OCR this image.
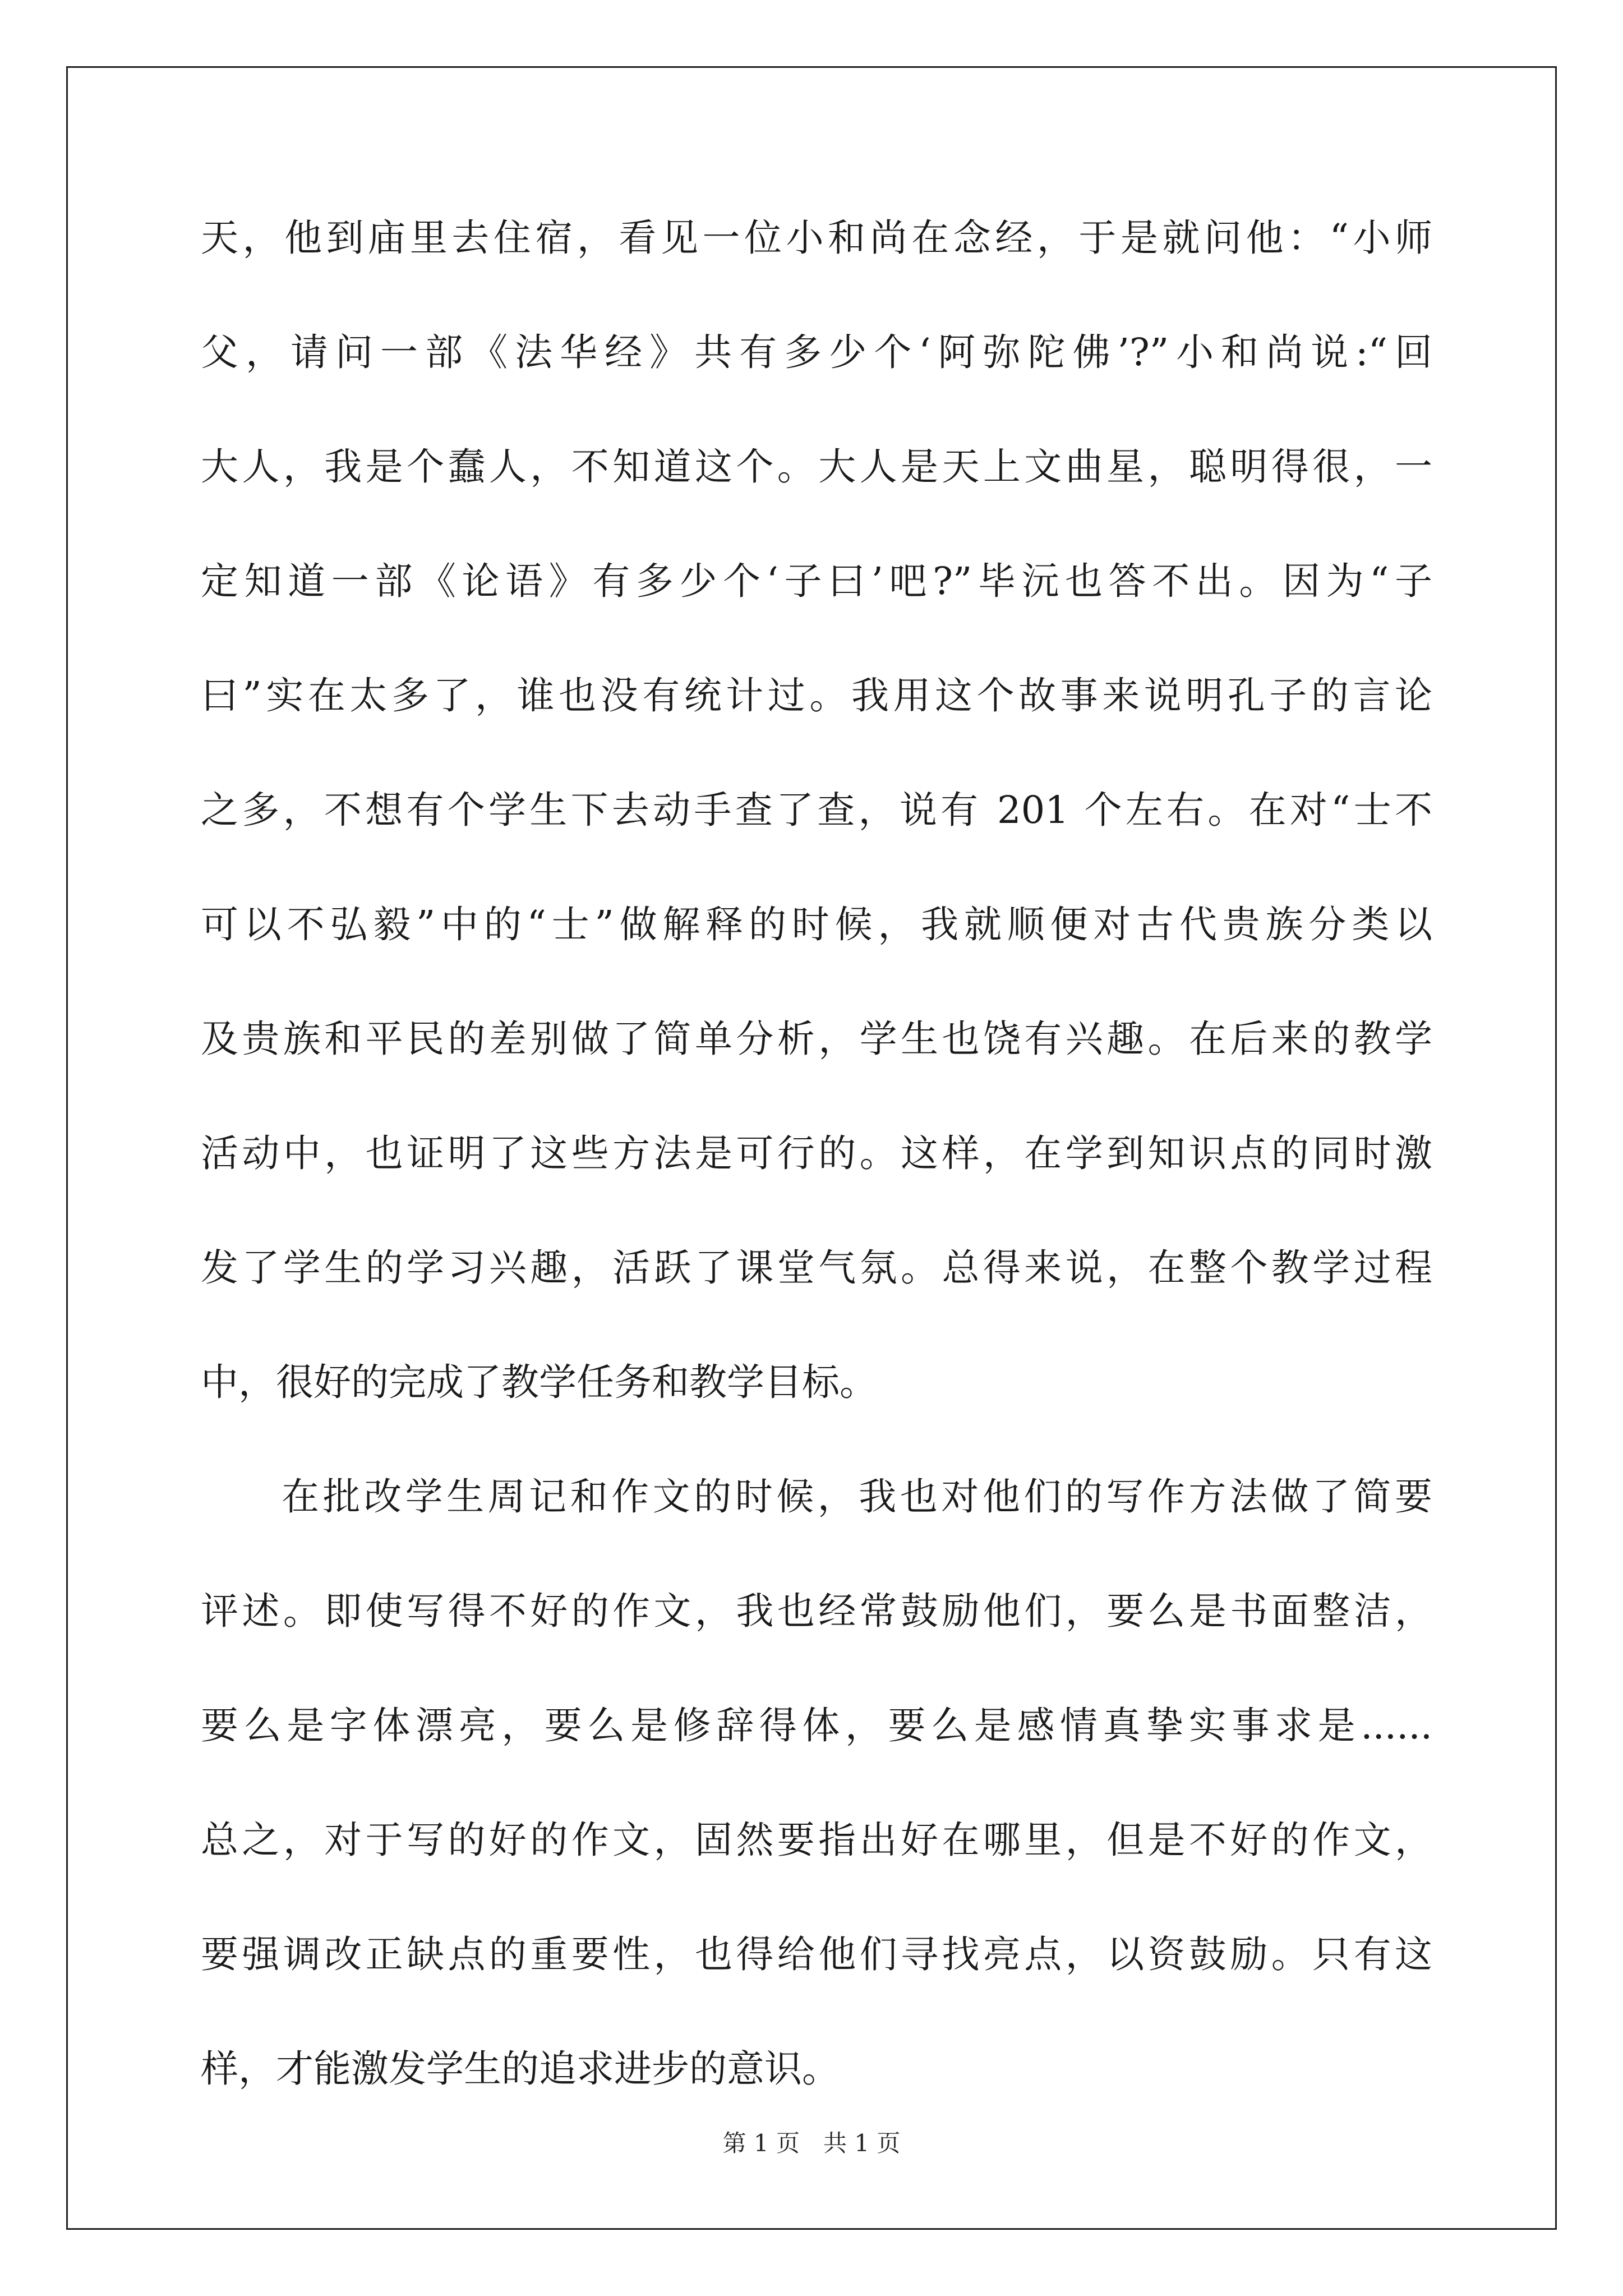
天，他到庙里去住宿，看见一位小和尚在念经，于是就问他：“小师
父，请问一部《法华经》共有多少个‘阿弥陀佛’?”小和尚说:“回
大人，我是个蠢人，不知道这个。大人是天上文曲星，聪明得很，一
定知道一部《论语》有多少个‘子曰’吧?”毕沅也答不出。因为“子
曰”实在太多了，谁也没有统计过。我用这个故事来说明孔子的言论
之多，不想有个学生下去动手查了查，说有 201 个左右。在对“士不
可以不弘毅”中的“士”做解释的时候，我就顺便对古代贵族分类以
及贵族和平民的差别做了简单分析，学生也饶有兴趣。在后来的教学
活动中，也证明了这些方法是可行的。这样，在学到知识点的同时激
发了学生的学习兴趣，活跃了课堂气氛。总得来说，在整个教学过程
中，很好的完成了教学任务和教学目标。
在批改学生周记和作文的时候，我也对他们的写作方法做了简要
评述。即使写得不好的作文，我也经常鼓励他们，要么是书面整洁，
要么是字体漂亮，要么是修辞得体，要么是感情真挚实事求是......
总之，对于写的好的作文，固然要指出好在哪里，但是不好的作文，
要强调改正缺点的重要性，也得给他们寻找亮点，以资鼓励。只有这
样，才能激发学生的追求进步的意识。
第 1 页 共 1 页
